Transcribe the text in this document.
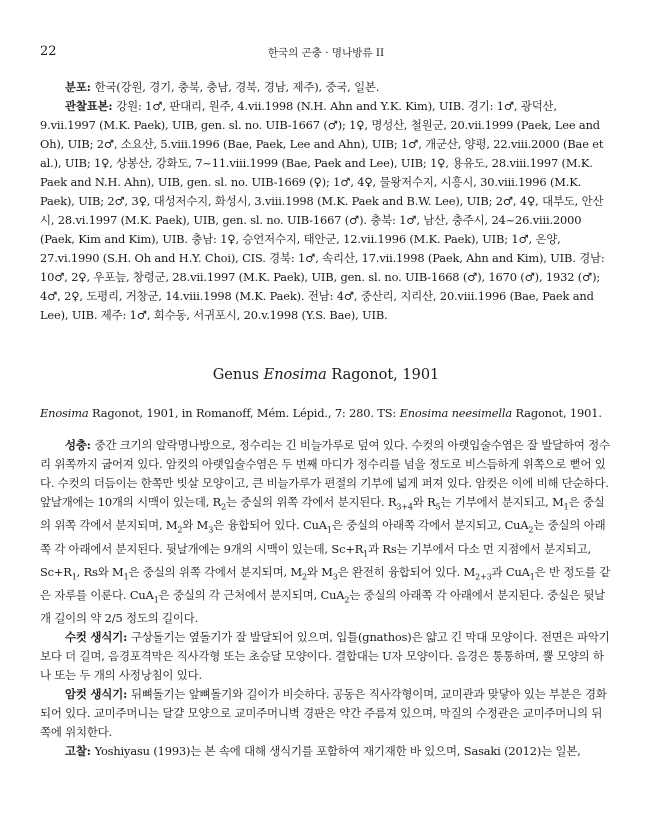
22	한국의 곤충 · 명나방류 II

분포: 한국(강원, 경기, 충북, 충남, 경북, 경남, 제주), 중국, 일본.

관찰표본: 강원: 1♂, 판대리, 원주, 4.vii.1998 (N.H. Ahn and Y.K. Kim), UIB. 경기: 1♂, 광덕산, 9.vii.1997 (M.K. Paek), UIB, gen. sl. no. UIB-1667 (♂); 1♀, 명성산, 철원군, 20.vii.1999 (Paek, Lee and Oh), UIB; 2♂, 소요산, 5.viii.1996 (Bae, Paek, Lee and Ahn), UIB; 1♂, 개군산, 양평, 22.viii.2000 (Bae et al.), UIB; 1♀, 상봉산, 강화도, 7~11.viii.1999 (Bae, Paek and Lee), UIB; 1♀, 용유도, 28.viii.1997 (M.K. Paek and N.H. Ahn), UIB, gen. sl. no. UIB-1669 (♀); 1♂, 4♀, 물왕저수지, 시흥시, 30.viii.1996 (M.K. Paek), UIB; 2♂, 3♀, 대성저수지, 화성시, 3.viii.1998 (M.K. Paek and B.W. Lee), UIB; 2♂, 4♀, 대부도, 안산시, 28.vi.1997 (M.K. Paek), UIB, gen. sl. no. UIB-1667 (♂). 충북: 1♂, 남산, 충주시, 24~26.viii.2000 (Paek, Kim and Kim), UIB. 충남: 1♀, 승언저수지, 태안군, 12.vii.1996 (M.K. Paek), UIB; 1♂, 온양, 27.vi.1990 (S.H. Oh and H.Y. Choi), CIS. 경북: 1♂, 속리산, 17.vii.1998 (Paek, Ahn and Kim), UIB. 경남: 10♂, 2♀, 우포늪, 창령군, 28.vii.1997 (M.K. Paek), UIB, gen. sl. no. UIB-1668 (♂), 1670 (♂), 1932 (♂); 4♂, 2♀, 도평리, 거창군, 14.viii.1998 (M.K. Paek). 전남: 4♂, 중산리, 지리산, 20.viii.1996 (Bae, Paek and Lee), UIB. 제주: 1♂, 회수동, 서귀포시, 20.v.1998 (Y.S. Bae), UIB.

Genus Enosima Ragonot, 1901
Enosima Ragonot, 1901, in Romanoff, Mém. Lépid., 7: 280. TS: Enosima neesimella Ragonot, 1901.

성충: 중간 크기의 알락명나방으로, 정수리는 긴 비늘가루로 덮여 있다. 수컷의 아랫입술수염은 잘 발달하여 정수리 위쪽까지 굽어져 있다. 암컷의 아랫입술수염은 두 번째 마디가 정수리를 넘을 정도로 비스듬하게 위쪽으로 뻗어 있다. 수컷의 더듬이는 한쪽만 빗살 모양이고, 큰 비늘가루가 편절의 기부에 넓게 퍼져 있다. 암컷은 이에 비해 단순하다. 앞날개에는 10개의 시맥이 있는데, $R_2$는 중실의 위쪽 각에서 분지된다. $R_{3+4}$와 $R_5$는 기부에서 분지되고, $M_1$은 중실의 위쪽 각에서 분지되며, $M_2$와 $M_3$은 융합되어 있다. CuA$_1$은 중실의 아래쪽 각에서 분지되고, CuA$_2$는 중실의 아래쪽 각 아래에서 분지된다. 뒷날개에는 9개의 시맥이 있는데, $Sc+R_1$과 Rs는 기부에서 다소 먼 지점에서 분지되고, $Sc+R_1$, Rs와 $M_1$은 중실의 위쪽 각에서 분지되며, $M_2$와 $M_3$은 완전히 융합되어 있다. $M_{2+3}$과 CuA$_1$은 반 정도를 같은 자루를 이룬다. CuA$_1$은 중실의 각 근처에서 분지되며, CuA$_2$는 중실의 아래쪽 각 아래에서 분지된다. 중실은 뒷날개 길이의 약 2/5 정도의 길이다.

수컷 생식기: 구상돌기는 옆돌기가 잘 발달되어 있으며, 입틀(gnathos)은 얇고 긴 막대 모양이다. 전면은 파악기보다 더 길며, 음경포격막은 직사각형 또는 초승달 모양이다. 결합대는 U자 모양이다. 음경은 통통하며, 뿔 모양의 하나 또는 두 개의 사정낭침이 있다.

암컷 생식기: 뒤뼈돌기는 앞뼈돌기와 길이가 비슷하다. 공동은 직사각형이며, 교미관과 맞닿아 있는 부분은 경화되어 있다. 교미주머니는 달걀 모양으로 교미주머니벽 경판은 약간 주름져 있으며, 막질의 수정관은 교미주머니의 뒤쪽에 위치한다.

고찰: Yoshiyasu (1993)는 본 속에 대해 생식기를 포함하여 재기재한 바 있으며, Sasaki (2012)는 일본,
